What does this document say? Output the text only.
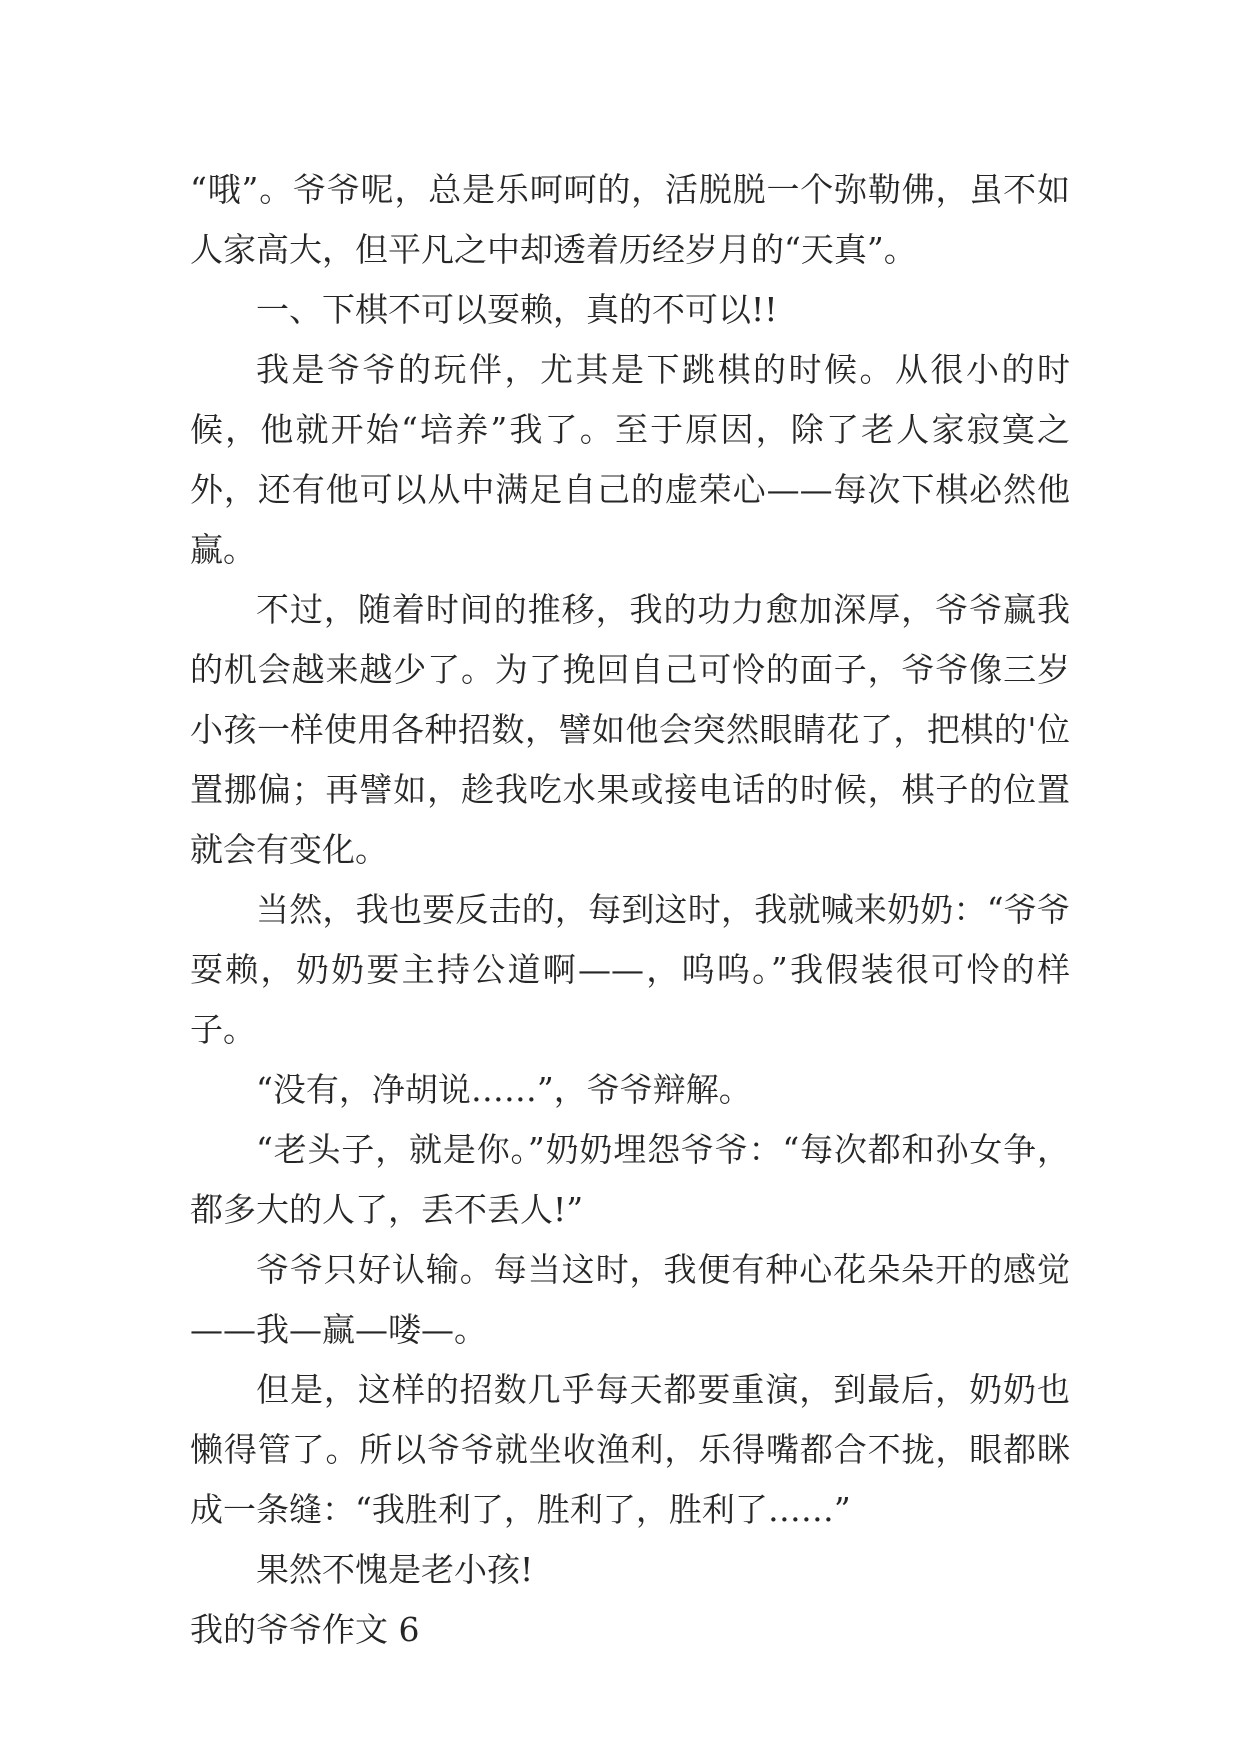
“哦”。爷爷呢，总是乐呵呵的，活脱脱一个弥勒佛，虽不如人家高大，但平凡之中却透着历经岁月的“天真”。

一、下棋不可以耍赖，真的不可以!!

我是爷爷的玩伴，尤其是下跳棋的时候。从很小的时候，他就开始“培养”我了。至于原因，除了老人家寂寞之外，还有他可以从中满足自己的虚荣心——每次下棋必然他赢。

不过，随着时间的推移，我的功力愈加深厚，爷爷赢我的机会越来越少了。为了挽回自己可怜的面子，爷爷像三岁小孩一样使用各种招数，譬如他会突然眼睛花了，把棋的'位置挪偏；再譬如，趁我吃水果或接电话的时候，棋子的位置就会有变化。

当然，我也要反击的，每到这时，我就喊来奶奶：“爷爷耍赖，奶奶要主持公道啊——，呜呜。”我假装很可怜的样子。

“没有，净胡说……”，爷爷辩解。

“老头子，就是你。”奶奶埋怨爷爷：“每次都和孙女争，都多大的人了，丢不丢人!”

爷爷只好认输。每当这时，我便有种心花朵朵开的感觉——我—赢—喽—。

但是，这样的招数几乎每天都要重演，到最后，奶奶也懒得管了。所以爷爷就坐收渔利，乐得嘴都合不拢，眼都眯成一条缝：“我胜利了，胜利了，胜利了……”

果然不愧是老小孩!

我的爷爷作文 6
